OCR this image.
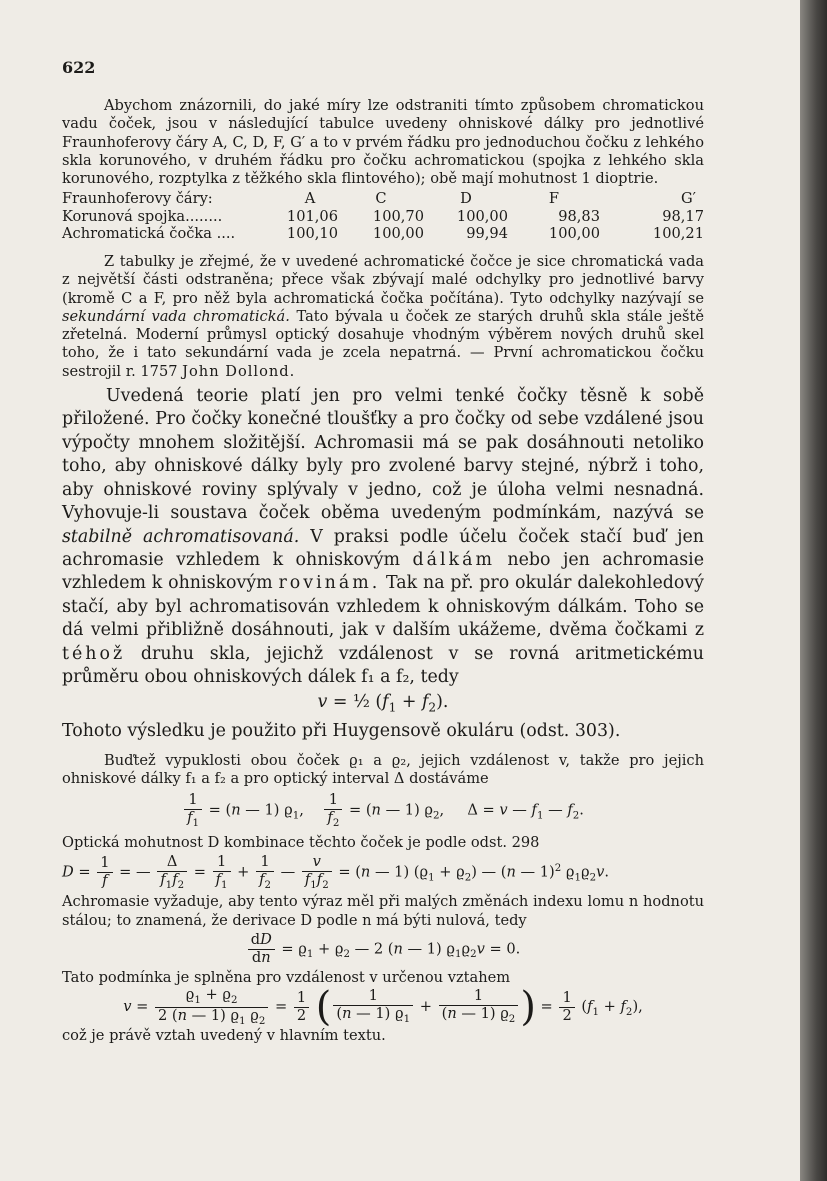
622

Abychom znázornili, do jaké míry lze odstraniti tímto způsobem chromatickou vadu čoček, jsou v následující tabulce uvedeny ohniskové dálky pro jednotlivé Fraunhoferovy čáry A, C, D, F, G′ a to v prvém řádku pro jednoduchou čočku z lehkého skla korunového, v druhém řádku pro čočku achromatickou (spojka z lehkého skla korunového, rozptylka z těžkého skla flintového); obě mají mohutnost 1 dioptrie.

Fraunhoferovy čáry:	A	C	D	F	G′
Korunová spojka........	101,06	100,70	100,00	98,83	98,17
Achromatická čočka ....	100,10	100,00	99,94	100,00	100,21

Z tabulky je zřejmé, že v uvedené achromatické čočce je sice chromatická vada z největší části odstraněna; přece však zbývají malé odchylky pro jednotlivé barvy (kromě C a F, pro něž byla achromatická čočka počítána). Tyto odchylky nazývají se sekundární vada chromatická. Tato bývala u čoček ze starých druhů skla stále ještě zřetelná. Moderní průmysl optický dosahuje vhodným výběrem nových druhů skel toho, že i tato sekundární vada je zcela nepatrná. — První achromatickou čočku sestrojil r. 1757 John Dollond.

Uvedená teorie platí jen pro velmi tenké čočky těsně k sobě přiložené. Pro čočky konečné tloušťky a pro čočky od sebe vzdálené jsou výpočty mnohem složitější. Achromasii má se pak dosáhnouti netoliko toho, aby ohniskové dálky byly pro zvolené barvy stejné, nýbrž i toho, aby ohniskové roviny splývaly v jedno, což je úloha velmi nesnadná. Vyhovuje-li soustava čoček oběma uvedeným podmínkám, nazývá se stabilně achromatisovaná. V praksi podle účelu čoček stačí buď jen achromasie vzhledem k ohniskovým dálkám nebo jen achromasie vzhledem k ohniskovým rovinám. Tak na př. pro okulár dalekohledový stačí, aby byl achromatisován vzhledem k ohniskovým dálkám. Toho se dá velmi přibližně dosáhnouti, jak v dalším ukážeme, dvěma čočkami z téhož druhu skla, jejichž vzdálenost v se rovná aritmetickému průměru obou ohniskových dálek f₁ a f₂, tedy

v = ½ $(f_1 + f_2)$.

Tohoto výsledku je použito při Huygensově okuláru (odst. 303).

Buďtež vypuklosti obou čoček ϱ₁ a ϱ₂, jejich vzdálenost v, takže pro jejich ohniskové dálky f₁ a f₂ a pro optický interval Δ dostáváme

$\frac{1}{f_1} = (n$ — 1) $ϱ_1$, $\frac{1}{f_2} = (n$ — 1) $ϱ_2$,     Δ = v — $f_1$ — $f_2$.

Optická mohutnost D kombinace těchto čoček je podle odst. 298

$D = \frac{1}{f}$ = — $\frac{\Delta}{f_1f_2} = \frac{1}{f_1} + \frac{1}{f_2}$ — $\frac{v}{f_1f_2} = (n$ — 1) $(ϱ_1 + ϱ_2)$ — (n — 1)$^2$ $ϱ_1ϱ_2v$.

Achromasie vyžaduje, aby tento výraz měl při malých změnách indexu lomu n hodnotu stálou; to znamená, že derivace D podle n má býti nulová, tedy

$\frac{dD}{dn} = ϱ_1 + ϱ_2$ — 2 (n — 1) $ϱ_1ϱ_2v = 0$.

Tato podmínka je splněna pro vzdálenost v určenou vztahem

$v = \frac{ϱ_1 + ϱ_2}{2 (n — 1) ϱ_1 ϱ_2} = \frac{1}{2}$ ( $\frac{1}{(n — 1) ϱ_1} + \frac{1}{(n — 1) ϱ_2}$ ) = $\frac{1}{2} (f_1 + f_2)$,

což je právě vztah uvedený v hlavním textu.
